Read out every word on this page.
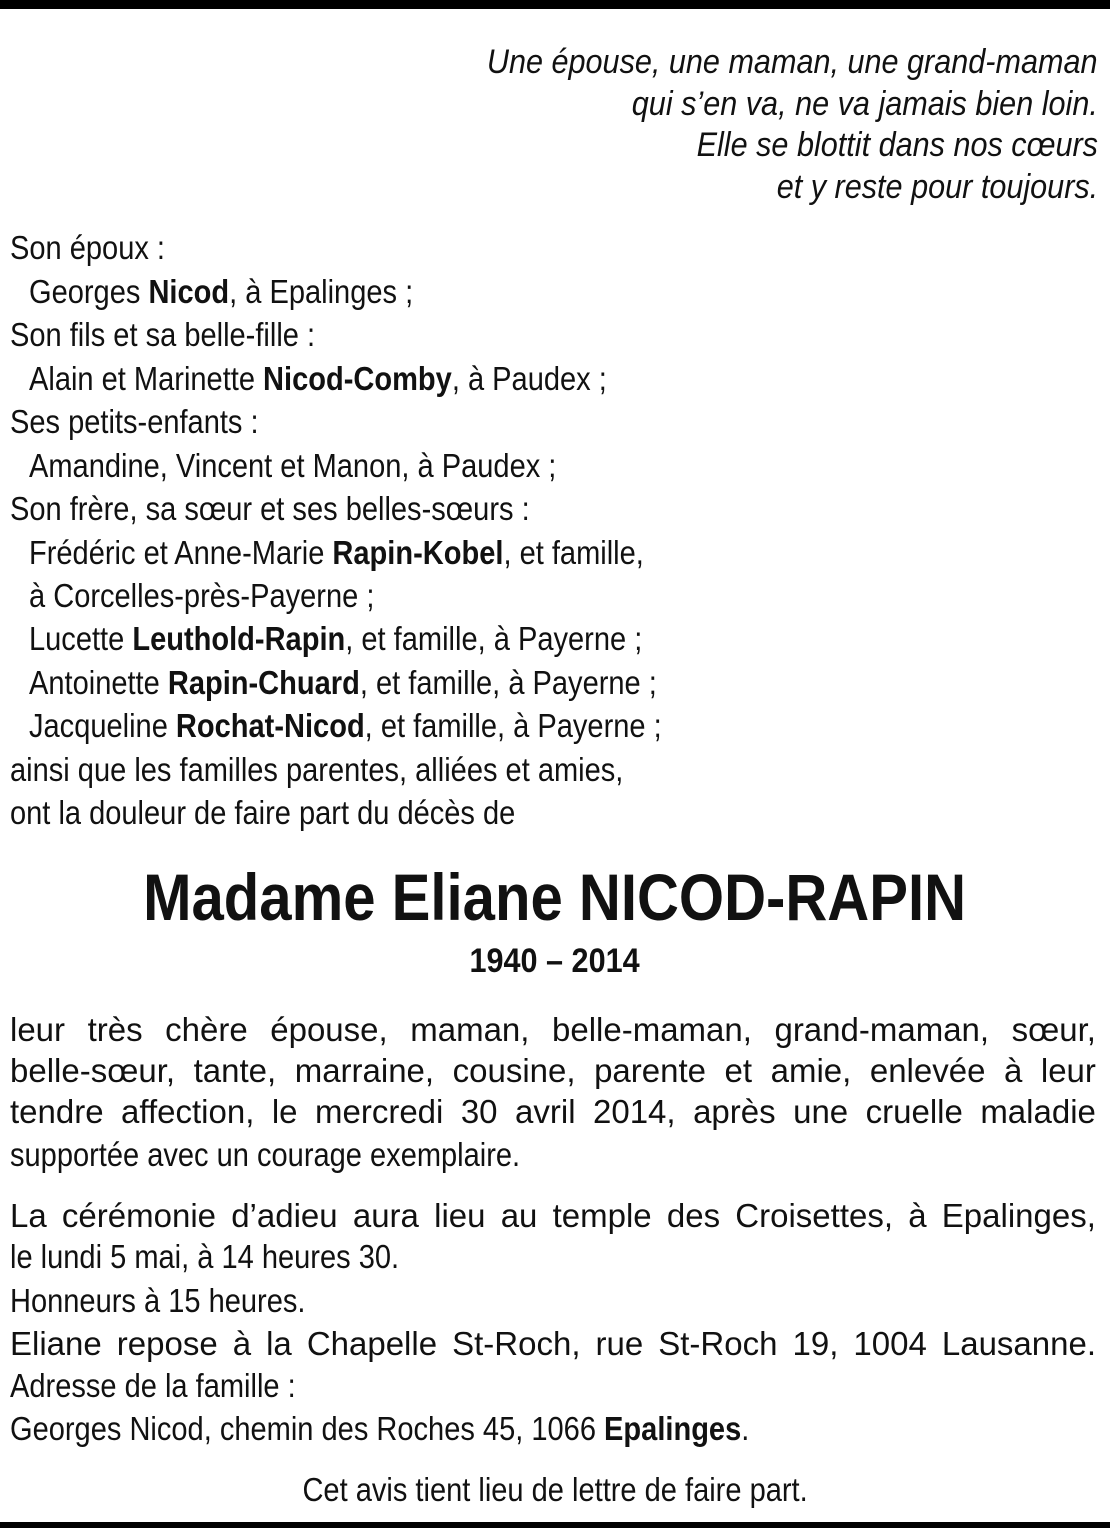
Une épouse, une maman, une grand-maman
qui s’en va, ne va jamais bien loin.
Elle se blottit dans nos cœurs
et y reste pour toujours.
Son époux :
Georges Nicod, à Epalinges ;
Son fils et sa belle-fille :
Alain et Marinette Nicod-Comby, à Paudex ;
Ses petits-enfants :
Amandine, Vincent et Manon, à Paudex ;
Son frère, sa sœur et ses belles-sœurs :
Frédéric et Anne-Marie Rapin-Kobel, et famille,
à Corcelles-près-Payerne ;
Lucette Leuthold-Rapin, et famille, à Payerne ;
Antoinette Rapin-Chuard, et famille, à Payerne ;
Jacqueline Rochat-Nicod, et famille, à Payerne ;
ainsi que les familles parentes, alliées et amies,
ont la douleur de faire part du décès de
Madame Eliane NICOD-RAPIN
1940 – 2014
leur très chère épouse, maman, belle-maman, grand-maman, sœur,
belle-sœur, tante, marraine, cousine, parente et amie, enlevée à leur
tendre affection, le mercredi 30 avril 2014, après une cruelle maladie
supportée avec un courage exemplaire.
La cérémonie d’adieu aura lieu au temple des Croisettes, à Epalinges,
le lundi 5 mai, à 14 heures 30.
Honneurs à 15 heures.
Eliane repose à la Chapelle St-Roch, rue St-Roch 19, 1004 Lausanne.
Adresse de la famille :
Georges Nicod, chemin des Roches 45, 1066 Epalinges.
Cet avis tient lieu de lettre de faire part.
